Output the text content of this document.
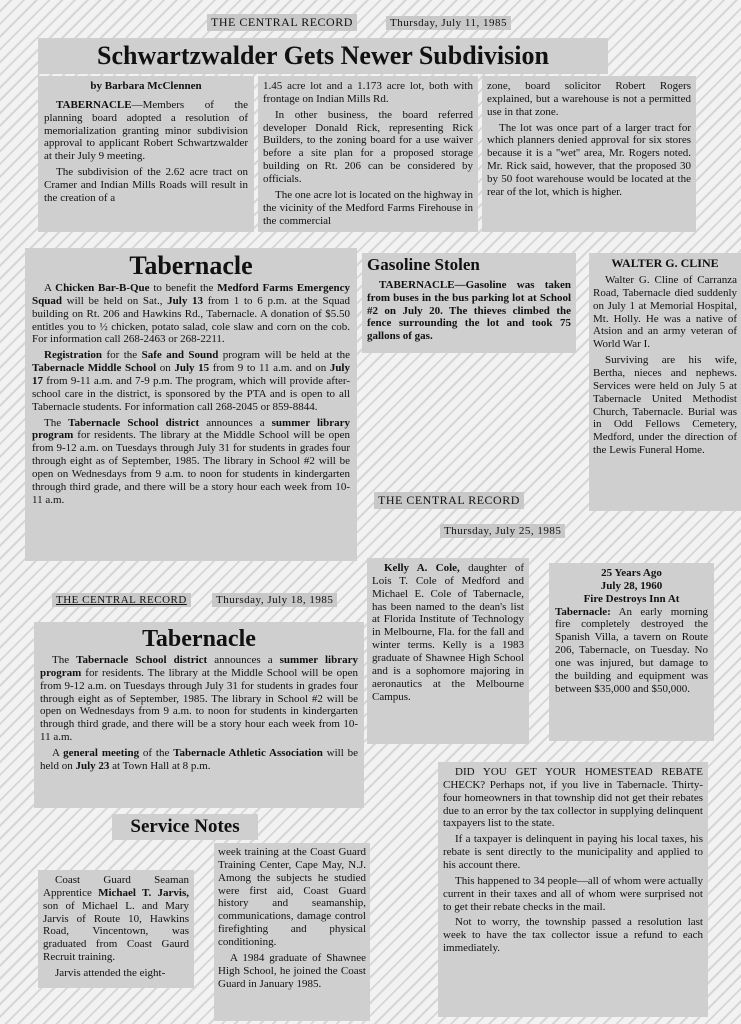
THE CENTRAL RECORD	Thursday, July 11, 1985
Schwartzwalder Gets Newer Subdivision
by Barbara McClennen

TABERNACLE—Members of the planning board adopted a resolution of memorialization granting minor subdivision approval to applicant Robert Schwartzwalder at their July 9 meeting.

The subdivision of the 2.62 acre tract on Cramer and Indian Mills Roads will result in the creation of a

1.45 acre lot and a 1.173 acre lot, both with frontage on Indian Mills Rd.

In other business, the board referred developer Donald Rick, representing Rick Builders, to the zoning board for a use waiver before a site plan for a proposed storage building on Rt. 206 can be considered by officials.

The one acre lot is located on the highway in the vicinity of the Medford Farms Firehouse in the commercial

zone, board solicitor Robert Rogers explained, but a warehouse is not a permitted use in that zone.

The lot was once part of a larger tract for which planners denied approval for six stores because it is a ''wet'' area, Mr. Rogers noted. Mr. Rick said, however, that the proposed 30 by 50 foot warehouse would be located at the rear of the lot, which is higher.

Tabernacle

A Chicken Bar-B-Que to benefit the Medford Farms Emergency Squad will be held on Sat., July 13 from 1 to 6 p.m. at the Squad building on Rt. 206 and Hawkins Rd., Tabernacle. A donation of $5.50 entitles you to ½ chicken, potato salad, cole slaw and corn on the cob. For information call 268-2463 or 268-2211.

Registration for the Safe and Sound program will be held at the Tabernacle Middle School on July 15 from 9 to 11 a.m. and on July 17 from 9-11 a.m. and 7-9 p.m. The program, which will provide after-school care in the district, is sponsored by the PTA and is open to all Tabernacle students. For information call 268-2045 or 859-8844.

The Tabernacle School district announces a summer library program for residents. The library at the Middle School will be open from 9-12 a.m. on Tuesdays through July 31 for students in grades four through eight as of September, 1985. The library in School #2 will be open on Wednesdays from 9 a.m. to noon for students in kindergarten through third grade, and there will be a story hour each week from 10-11 a.m.

Gasoline Stolen

TABERNACLE—Gasoline was taken from buses in the bus parking lot at School #2 on July 20. The thieves climbed the fence surrounding the lot and took 75 gallons of gas.

WALTER G. CLINE

Walter G. Cline of Carranza Road, Tabernacle died suddenly on July 1 at Memorial Hospital, Mt. Holly. He was a native of Atsion and an army veteran of World War I.

Surviving are his wife, Bertha, nieces and nephews. Services were held on July 5 at Tabernacle United Methodist Church, Tabernacle. Burial was in Odd Fellows Cemetery, Medford, under the direction of the Lewis Funeral Home.

THE CENTRAL RECORD
Thursday, July 25, 1985

Kelly A. Cole, daughter of Lois T. Cole of Medford and Michael E. Cole of Tabernacle, has been named to the dean's list at Florida Institute of Technology in Melbourne, Fla. for the fall and winter terms. Kelly is a 1983 graduate of Shawnee High School and is a sophomore majoring in aeronautics at the Melbourne Campus.

25 Years Ago
July 28, 1960
Fire Destroys Inn At

Tabernacle: An early morning fire completely destroyed the Spanish Villa, a tavern on Route 206, Tabernacle, on Tuesday. No one was injured, but damage to the building and equipment was between $35,000 and $50,000.

THE CENTRAL RECORD	Thursday, July 18, 1985
Tabernacle

The Tabernacle School district announces a summer library program for residents. The library at the Middle School will be open from 9-12 a.m. on Tuesdays through July 31 for students in grades four through eight as of September, 1985. The library in School #2 will be open on Wednesdays from 9 a.m. to noon for students in kindergarten through third grade, and there will be a story hour each week from 10-11 a.m.

A general meeting of the Tabernacle Athletic Association will be held on July 23 at Town Hall at 8 p.m.

DID YOU GET YOUR HOMESTEAD REBATE CHECK? Perhaps not, if you live in Tabernacle. Thirty-four homeowners in that township did not get their rebates due to an error by the tax collector in supplying delinquent taxpayers list to the state.

If a taxpayer is delinquent in paying his local taxes, his rebate is sent directly to the municipality and applied to his account there.

This happened to 34 people—all of whom were actually current in their taxes and all of whom were surprised not to get their rebate checks in the mail.

Not to worry, the township passed a resolution last week to have the tax collector issue a refund to each immediately.

Service Notes

Coast Guard Seaman Apprentice Michael T. Jarvis, son of Michael L. and Mary Jarvis of Route 10, Hawkins Road, Vincentown, was graduated from Coast Gaurd Recruit training.

Jarvis attended the eight-

week training at the Coast Guard Training Center, Cape May, N.J. Among the subjects he studied were first aid, Coast Guard history and seamanship, communications, damage control firefighting and physical conditioning.

A 1984 graduate of Shawnee High School, he joined the Coast Guard in January 1985.
